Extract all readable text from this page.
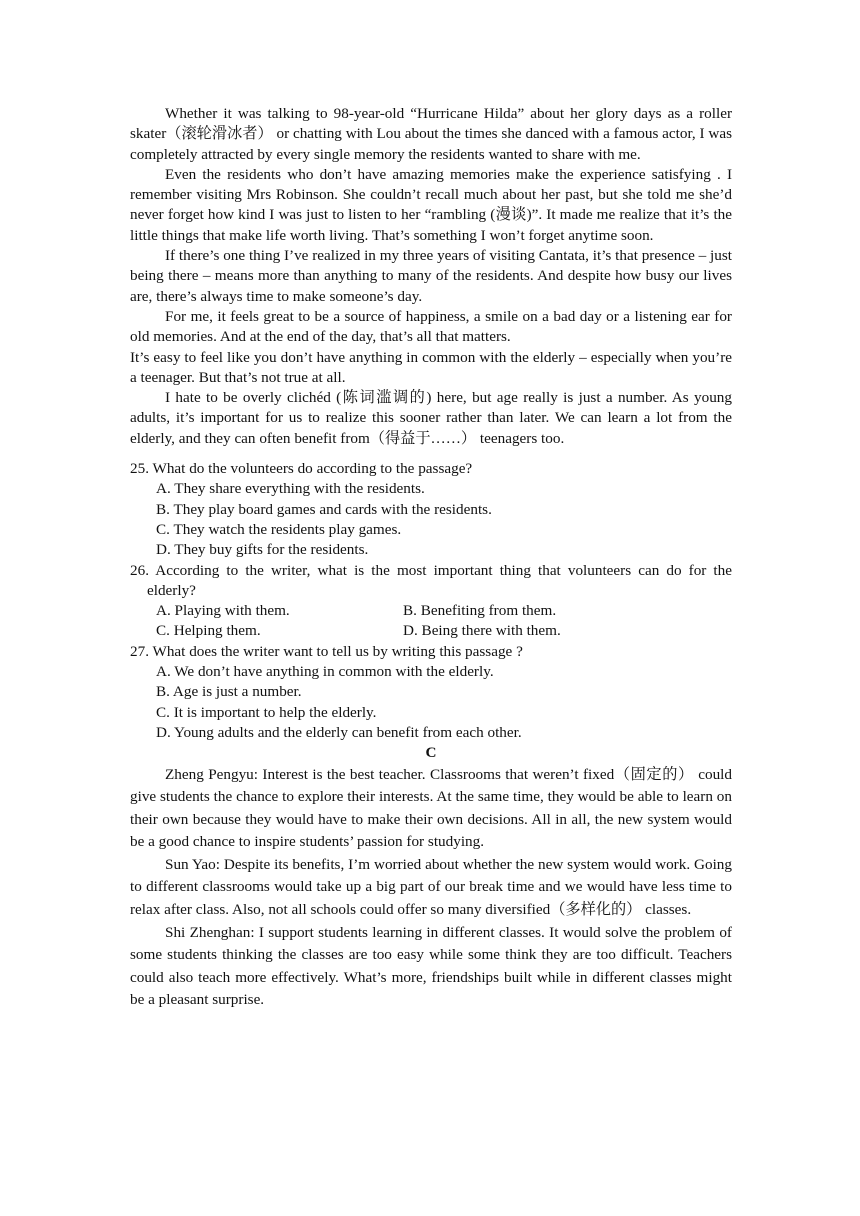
Whether it was talking to 98-year-old “Hurricane Hilda” about her glory days as a roller skater（滚轮滑冰者） or chatting with Lou about the times she danced with a famous actor, I was completely attracted by every single memory the residents wanted to share with me.

Even the residents who don’t have amazing memories make the experience satisfying . I remember visiting Mrs Robinson. She couldn’t recall much about her past, but she told me she’d never forget how kind I was just to listen to her “rambling (漫谈)”. It made me realize that it’s the little things that make life worth living. That’s something I won’t forget anytime soon.

If there’s one thing I’ve realized in my three years of visiting Cantata, it’s that presence – just being there – means more than anything to many of the residents. And despite how busy our lives are, there’s always time to make someone’s day.

For me, it feels great to be a source of happiness, a smile on a bad day or a listening ear for old memories. And at the end of the day, that’s all that matters.

It’s easy to feel like you don’t have anything in common with the elderly – especially when you’re a teenager. But that’s not true at all.

I hate to be overly clichéd (陈词滥调的) here, but age really is just a number. As young adults, it’s important for us to realize this sooner rather than later. We can learn a lot from the elderly, and they can often benefit from（得益于……） teenagers too.

25. What do the volunteers do according to the passage?
A. They share everything with the residents.
B. They play board games and cards with the residents.
C. They watch the residents play games.
D. They buy gifts for the residents.
26. According to the writer, what is the most important thing that volunteers can do for the elderly?
A. Playing with them.	B. Benefiting from them.
C. Helping them.	D. Being there with them.
27. What does the writer want to tell us by writing this passage ?
A. We don’t have anything in common with the elderly.
B. Age is just a number.
C. It is important to help the elderly.
D. Young adults and the elderly can benefit from each other.
C

Zheng Pengyu: Interest is the best teacher. Classrooms that weren’t fixed（固定的） could give students the chance to explore their interests. At the same time, they would be able to learn on their own because they would have to make their own decisions. All in all, the new system would be a good chance to inspire students’ passion for studying.

Sun Yao: Despite its benefits, I’m worried about whether the new system would work. Going to different classrooms would take up a big part of our break time and we would have less time to relax after class. Also, not all schools could offer so many diversified（多样化的） classes.

Shi Zhenghan: I support students learning in different classes. It would solve the problem of some students thinking the classes are too easy while some think they are too difficult. Teachers could also teach more effectively. What’s more, friendships built while in different classes might be a pleasant surprise.
